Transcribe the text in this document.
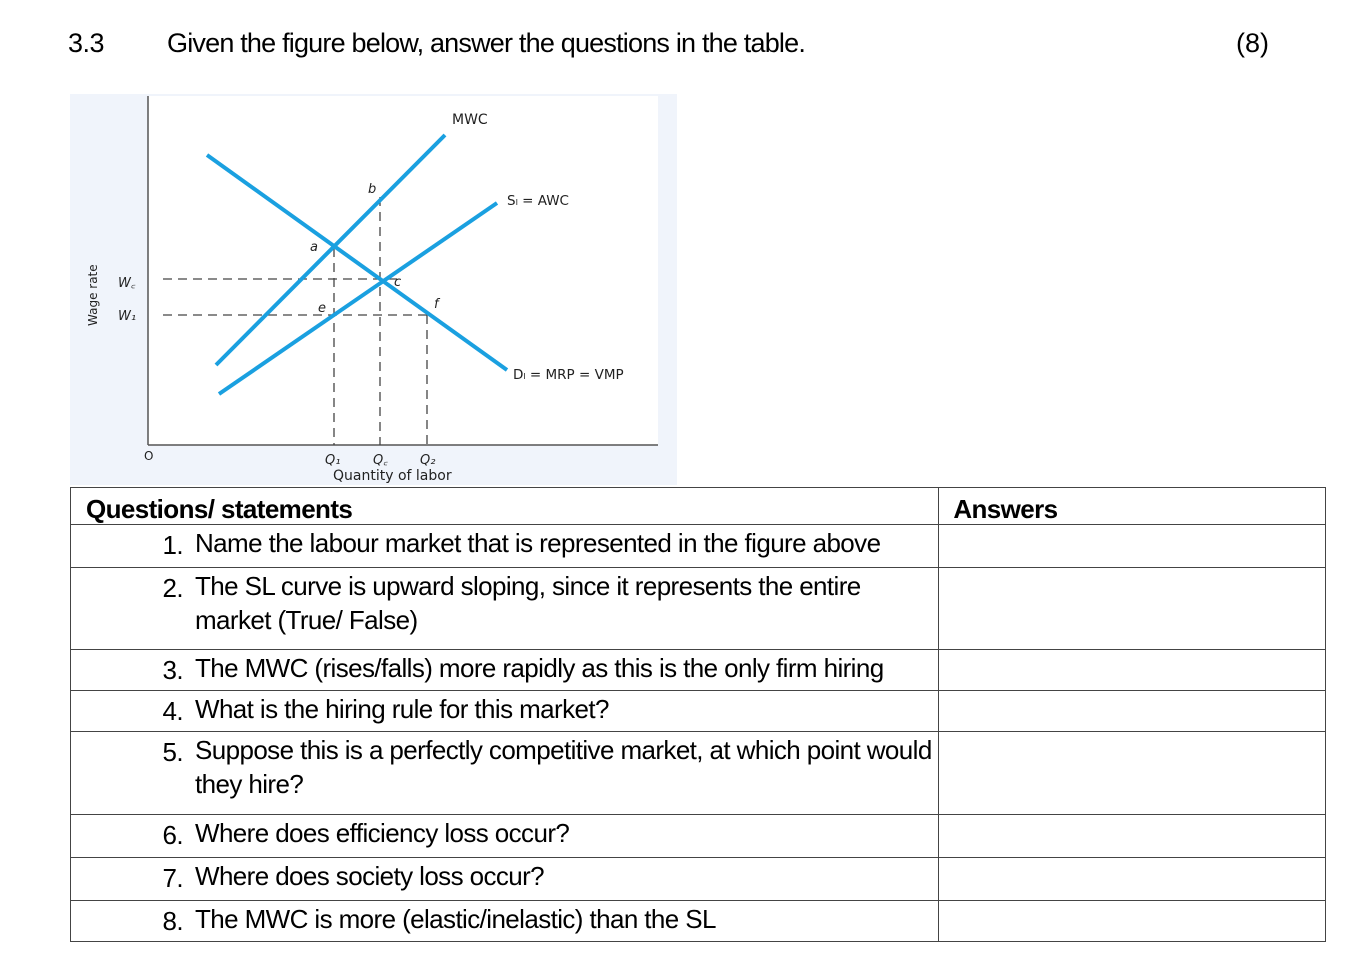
3.3 Given the figure below, answer the questions in the table.	(8)
MWC
Sₗ = AWC
Dₗ = MRP = VMP
a
b
c
e	f
W꜀
W₁
Q₁	Q꜀ Q₂
O
Quantity of labor
Wage rate
Questions/ statements	Answers

1. Name the labour market that is represented in the figure above	

2. The SL curve is upward sloping, since it represents the entire market (True/ False)	

3. The MWC (rises/falls) more rapidly as this is the only firm hiring	

4. What is the hiring rule for this market?	

5. Suppose this is a perfectly competitive market, at which point would they hire?	

6. Where does efficiency loss occur?	

7. Where does society loss occur?	

8. The MWC is more (elastic/inelastic) than the SL	
